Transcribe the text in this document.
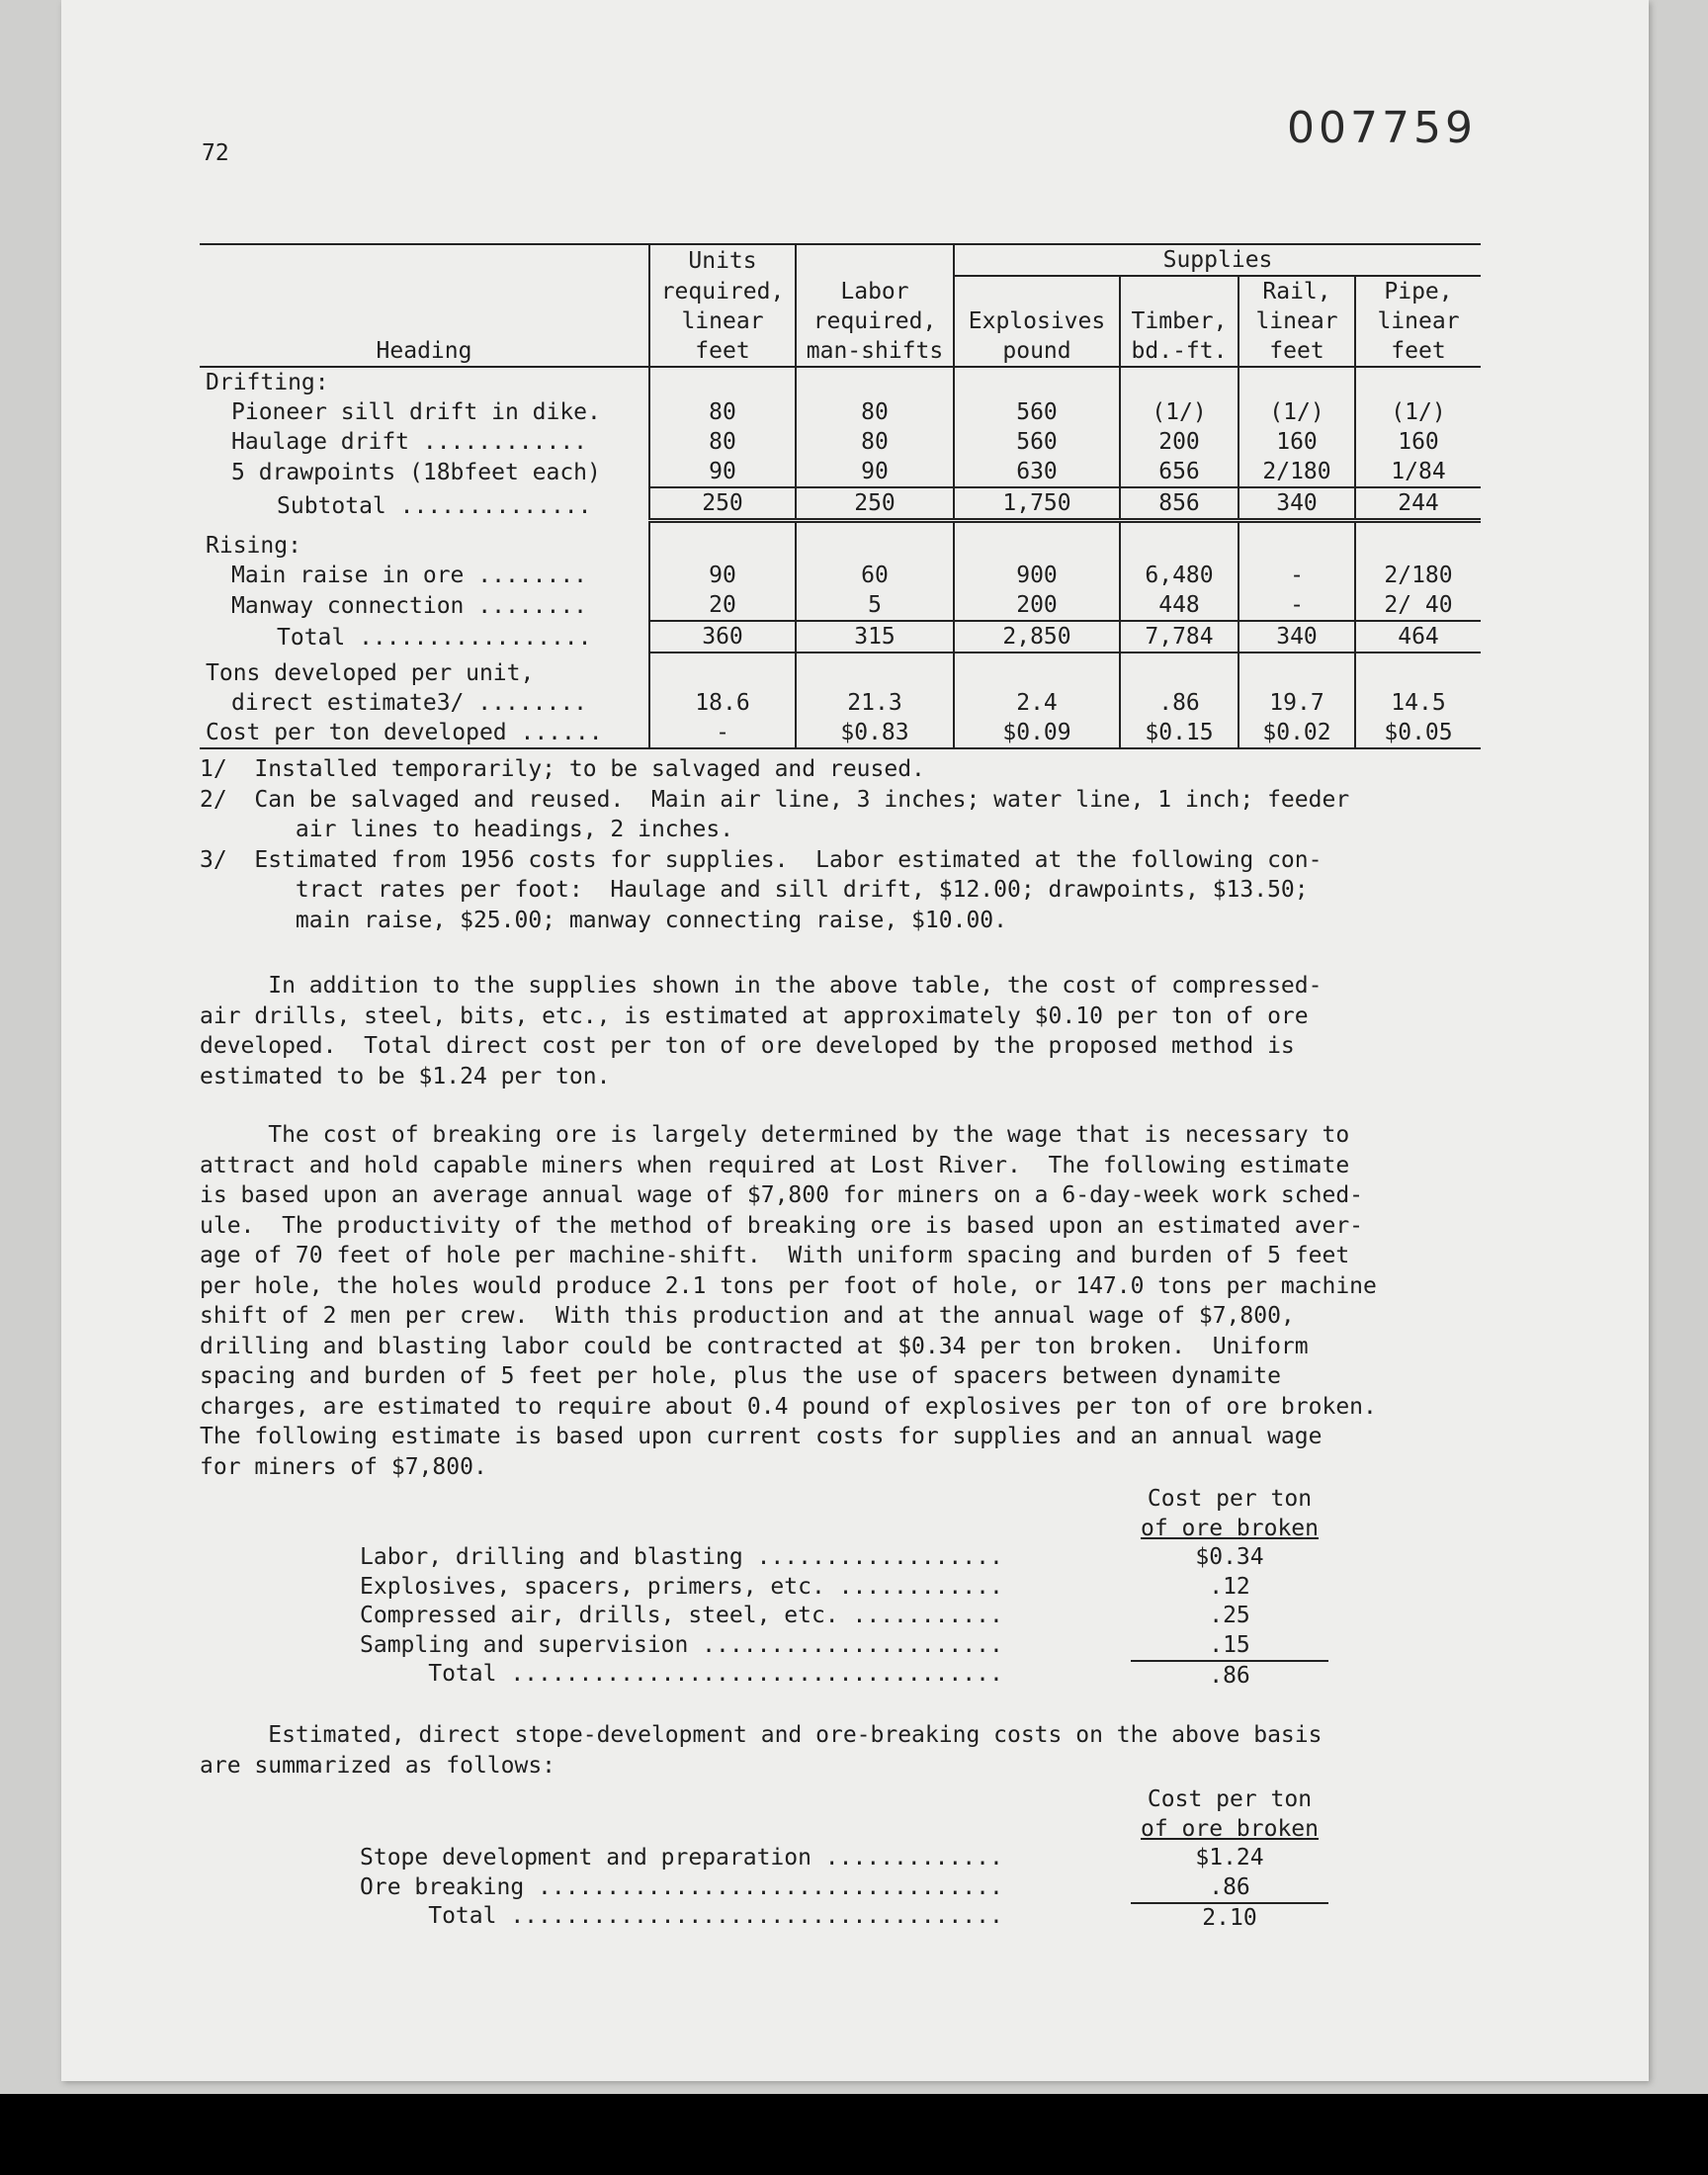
007759
72
Heading	Units		Supplies			
	required,	Labor			Rail,	Pipe,
	linear	required,	Explosives	Timber,	linear	linear
	feet	man-shifts	pound	bd.-ft.	feet	feet
Drifting:						
Pioneer sill drift in dike.	80	80	560	(1/)	(1/)	(1/)
Haulage drift ............	80	80	560	200	160	160
5 drawpoints (18bfeet each)	90	90	630	656	2/180	1/84
Subtotal ..............	250	250	1,750	856	340	244
Rising:						
Main raise in ore ........	90	60	900	6,480	-	2/180
Manway connection ........	20	5	200	448	-	2/ 40
Total .................	360	315	2,850	7,784	340	464
Tons developed per unit,						
direct estimate3/ ........	18.6	21.3	2.4	.86	19.7	14.5
Cost per ton developed ......	-	$0.83	$0.09	$0.15	$0.02	$0.05
1/  Installed temporarily; to be salvaged and reused.
2/  Can be salvaged and reused.  Main air line, 3 inches; water line, 1 inch; feeder
air lines to headings, 2 inches.
3/  Estimated from 1956 costs for supplies.  Labor estimated at the following con-
tract rates per foot:  Haulage and sill drift, $12.00; drawpoints, $13.50;
main raise, $25.00; manway connecting raise, $10.00.

In addition to the supplies shown in the above table, the cost of compressed-

air drills, steel, bits, etc., is estimated at approximately $0.10 per ton of ore

developed.  Total direct cost per ton of ore developed by the proposed method is

estimated to be $1.24 per ton.

The cost of breaking ore is largely determined by the wage that is necessary to

attract and hold capable miners when required at Lost River.  The following estimate

is based upon an average annual wage of $7,800 for miners on a 6-day-week work sched-

ule.  The productivity of the method of breaking ore is based upon an estimated aver-

age of 70 feet of hole per machine-shift.  With uniform spacing and burden of 5 feet

per hole, the holes would produce 2.1 tons per foot of hole, or 147.0 tons per machine

shift of 2 men per crew.  With this production and at the annual wage of $7,800,

drilling and blasting labor could be contracted at $0.34 per ton broken.  Uniform

spacing and burden of 5 feet per hole, plus the use of spacers between dynamite

charges, are estimated to require about 0.4 pound of explosives per ton of ore broken.

The following estimate is based upon current costs for supplies and an annual wage

for miners of $7,800.

Cost per ton
of ore broken
Labor, drilling and blasting ..................	$0.34
Explosives, spacers, primers, etc. ............	.12
Compressed air, drills, steel, etc. ...........	.25
Sampling and supervision ......................	.15
Total ....................................	.86

Estimated, direct stope-development and ore-breaking costs on the above basis

are summarized as follows:

Cost per ton
of ore broken
Stope development and preparation .............	$1.24
Ore breaking ..................................	.86
Total ....................................	2.10
